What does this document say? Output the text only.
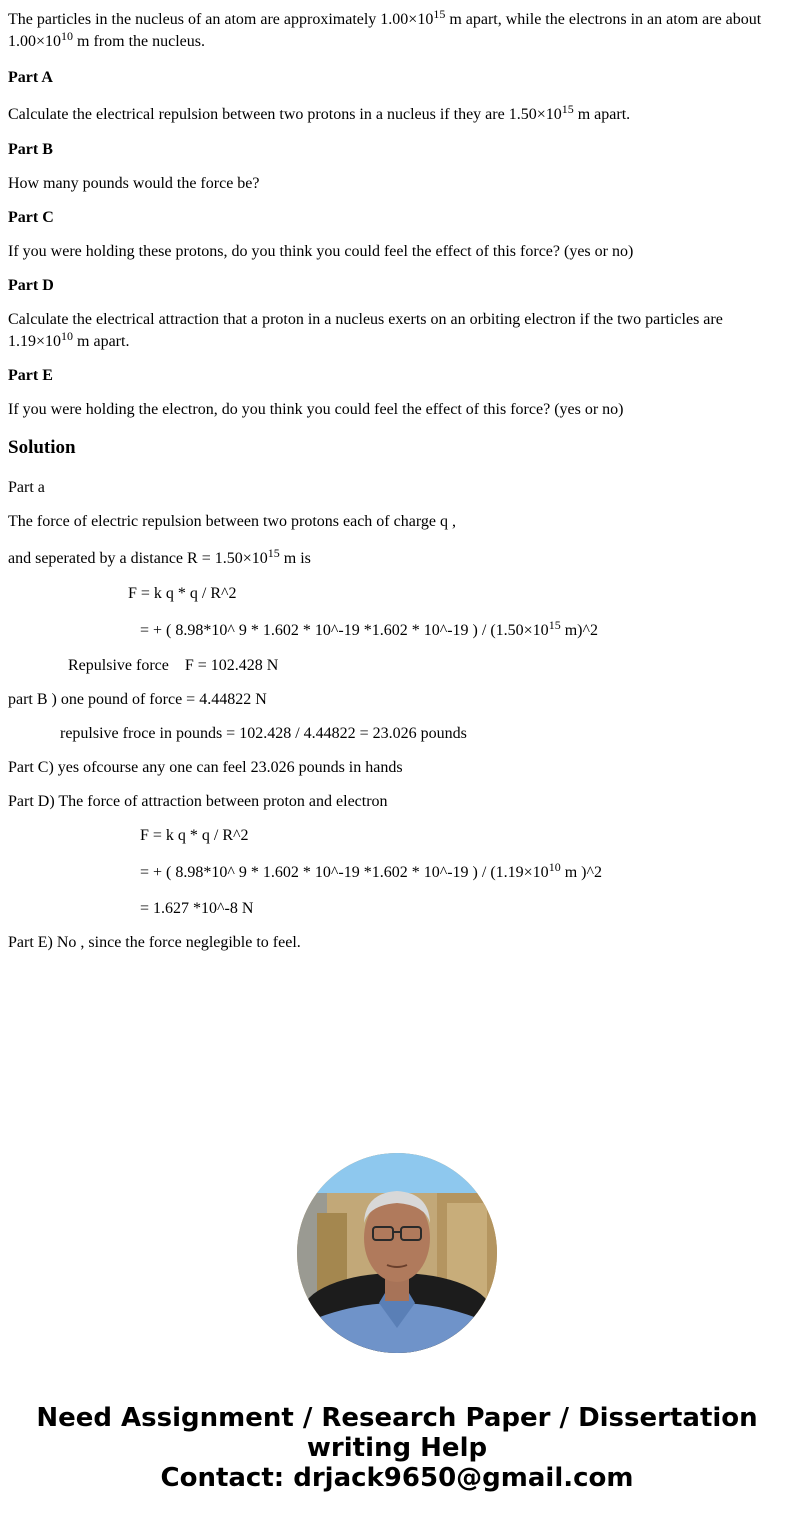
The particles in the nucleus of an atom are approximately $1.00\times 10^{15}$ m apart, while the electrons in an atom are about
$1.00\times 10^{10}$ m from the nucleus.
Part A
Calculate the electrical repulsion between two protons in a nucleus if they are $1.50\times 10^{15}$ m apart.
Part B
How many pounds would the force be?
Part C
If you were holding these protons, do you think you could feel the effect of this force? (yes or no)
Part D
Calculate the electrical attraction that a proton in a nucleus exerts on an orbiting electron if the two particles are
$1.19\times 10^{10}$ m apart.
Part E
If you were holding the electron, do you think you could feel the effect of this force? (yes or no)
Solution
Part a
The force of electric repulsion between two protons each of charge q ,
and seperated by a distance $R = 1.50\times 10^{15}$ m is
F = k q * q / R^2
= + ( 8.98*10^ 9 * 1.602 * 10^-19 *1.602 * 10^-19 ) / ($1.50\times 10^{15}$ m)^2
Repulsive force    F = 102.428 N
part B ) one pound of force = 4.44822 N
repulsive froce in pounds = 102.428 / 4.44822 = 23.026 pounds
Part C) yes ofcourse any one can feel 23.026 pounds in hands
Part D) The force of attraction between proton and electron
F = k q * q / R^2
= + ( 8.98*10^ 9 * 1.602 * 10^-19 *1.602 * 10^-19 ) / ($1.19\times 10^{10}$ m )^2
= 1.627 *10^-8 N
Part E) No , since the force neglegible to feel.
Need Assignment / Research Paper / Dissertation
writing Help
Contact: drjack9650@gmail.com
